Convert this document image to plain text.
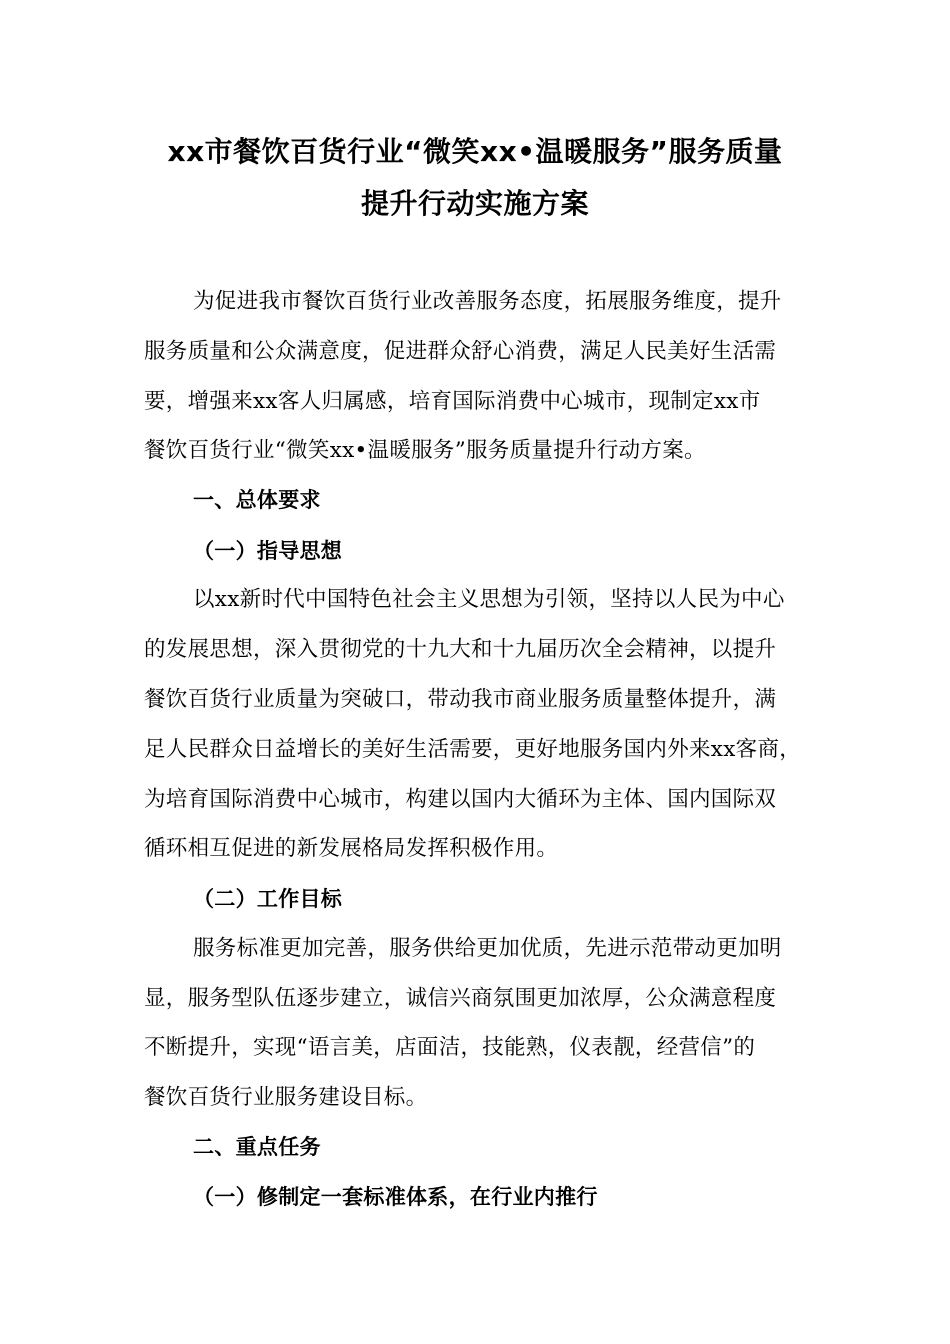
xx市餐饮百货行业“微笑xx•温暖服务”服务质量
提升行动实施方案
为促进我市餐饮百货行业改善服务态度，拓展服务维度，提升
服务质量和公众满意度，促进群众舒心消费，满足人民美好生活需
要，增强来xx客人归属感，培育国际消费中心城市，现制定xx市
餐饮百货行业“微笑xx•温暖服务”服务质量提升行动方案。
一、总体要求
（一）指导思想
以xx新时代中国特色社会主义思想为引领，坚持以人民为中心
的发展思想，深入贯彻党的十九大和十九届历次全会精神，以提升
餐饮百货行业质量为突破口，带动我市商业服务质量整体提升，满
足人民群众日益增长的美好生活需要，更好地服务国内外来xx客商，
为培育国际消费中心城市，构建以国内大循环为主体、国内国际双
循环相互促进的新发展格局发挥积极作用。
（二）工作目标
服务标准更加完善，服务供给更加优质，先进示范带动更加明
显，服务型队伍逐步建立，诚信兴商氛围更加浓厚，公众满意程度
不断提升，实现“语言美，店面洁，技能熟，仪表靓，经营信”的
餐饮百货行业服务建设目标。
二、重点任务
（一）修制定一套标准体系，在行业内推行
